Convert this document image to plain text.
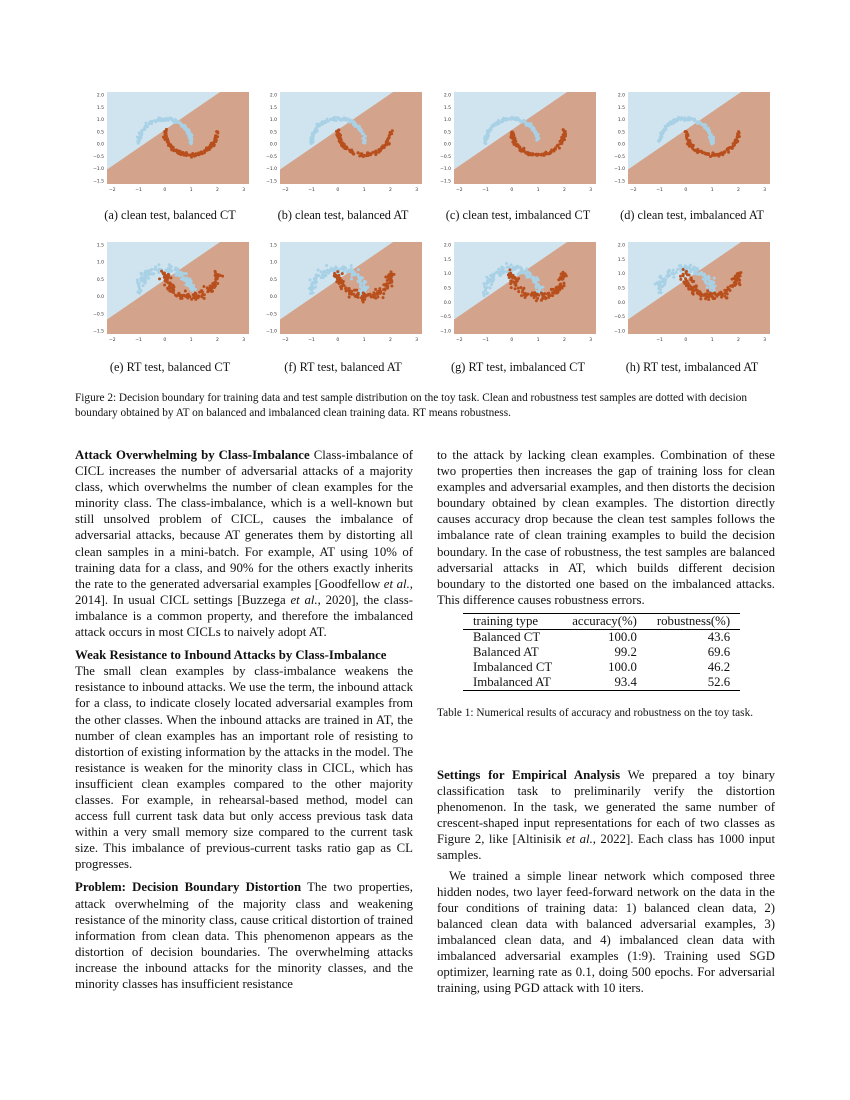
−2	−1	0	1	2	3
2.0
1.5
1.0
0.5
0.0
−0.5
−1.0
−1.5
−2	−1	0	1	2	3
2.0
1.5
1.0
0.5
0.0
−0.5
−1.0
−1.5
−2	−1	0	1	2	3
2.0
1.5
1.0
0.5
0.0
−0.5
−1.0
−1.5
−2	−1	0	1	2	3
2.0
1.5
1.0
0.5
0.0
−0.5
−1.0
−1.5
(a) clean test, balanced CT	(b) clean test, balanced AT	(c) clean test, imbalanced CT	(d) clean test, imbalanced AT
−2	−1	0	1	2	3
1.5
1.0
0.5
0.0
−0.5
−1.5
−2	−1	0	1	2	3
1.5
1.0
0.5
0.0
−0.5
−1.0
−2	−1	0	1	2	3
2.0
1.5
1.0
0.5
0.0
−0.5
−1.0
−1	0	1	2	3
2.0
1.5
1.0
0.5
0.0
−0.5
−1.0
(e) RT test, balanced CT	(f) RT test, balanced AT	(g) RT test, imbalanced CT	(h) RT test, imbalanced AT
Figure 2: Decision boundary for training data and test sample distribution on the toy task. Clean and robustness test samples are dotted with decision boundary obtained by AT on balanced and imbalanced clean training data. RT means robustness.

Attack Overwhelming by Class-Imbalance Class-imbalance of CICL increases the number of adversarial attacks of a majority class, which overwhelms the number of clean examples for the minority class. The class-imbalance, which is a well-known but still unsolved problem of CICL, causes the imbalance of adversarial attacks, because AT generates them by distorting all clean samples in a mini-batch. For example, AT using 10% of training data for a class, and 90% for the others exactly inherits the rate to the generated adversarial examples [Goodfellow et al., 2014]. In usual CICL settings [Buzzega et al., 2020], the class-imbalance is a common property, and therefore the imbalanced attack occurs in most CICLs to naively adopt AT.

Weak Resistance to Inbound Attacks by Class-Imbalance
The small clean examples by class-imbalance weakens the resistance to inbound attacks. We use the term, the inbound attack for a class, to indicate closely located adversarial examples from the other classes. When the inbound attacks are trained in AT, the number of clean examples has an important role of resisting to distortion of existing information by the attacks in the model. The resistance is weaken for the minority class in CICL, which has insufficient clean examples compared to the other majority classes. For example, in rehearsal-based method, model can access full current task data but only access previous task data within a very small memory size compared to the current task size. This imbalance of previous-current tasks ratio gap as CL progresses.

Problem: Decision Boundary Distortion The two properties, attack overwhelming of the majority class and weakening resistance of the minority class, cause critical distortion of trained information from clean data. This phenomenon appears as the distortion of decision boundaries. The overwhelming attacks increase the inbound attacks for the minority classes, and the minority classes has insufficient resistance

to the attack by lacking clean examples. Combination of these two properties then increases the gap of training loss for clean examples and adversarial examples, and then distorts the decision boundary obtained by clean examples. The distortion directly causes accuracy drop because the clean test samples follows the imbalance rate of clean training examples to build the decision boundary. In the case of robustness, the test samples are balanced adversarial attacks in AT, which builds different decision boundary to the distorted one based on the imbalanced attacks. This difference causes robustness errors.

training type	accuracy(%)	robustness(%)
Balanced CT	100.0	43.6
Balanced AT	99.2	69.6
Imbalanced CT	100.0	46.2
Imbalanced AT	93.4	52.6
Table 1: Numerical results of accuracy and robustness on the toy task.

Settings for Empirical Analysis We prepared a toy binary classification task to preliminarily verify the distortion phenomenon. In the task, we generated the same number of crescent-shaped input representations for each of two classes as Figure 2, like [Altinisik et al., 2022]. Each class has 1000 input samples.

We trained a simple linear network which composed three hidden nodes, two layer feed-forward network on the data in the four conditions of training data: 1) balanced clean data, 2) balanced clean data with balanced adversarial examples, 3) imbalanced clean data, and 4) imbalanced clean data with imbalanced adversarial examples (1:9). Training used SGD optimizer, learning rate as 0.1, doing 500 epochs. For adversarial training, using PGD attack with 10 iters.
